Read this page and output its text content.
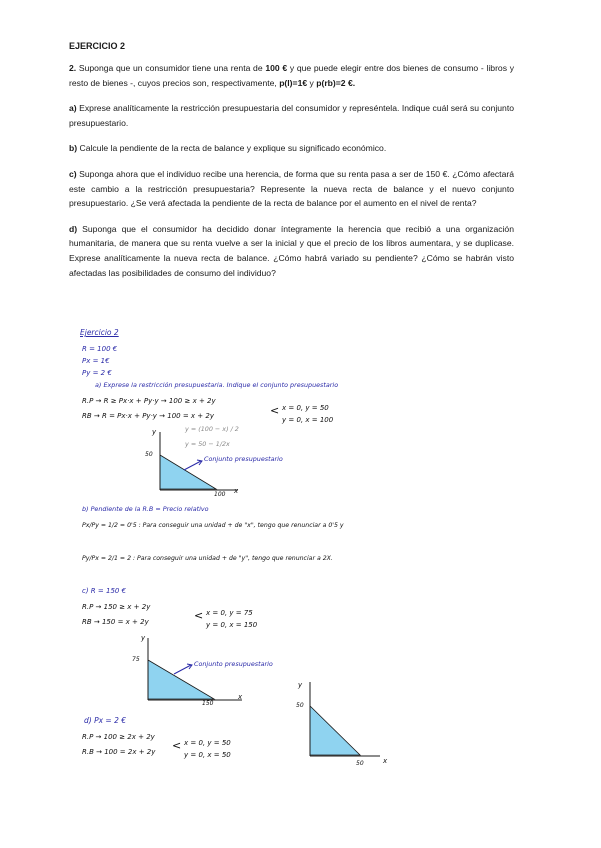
EJERCICIO 2

2. Suponga que un consumidor tiene una renta de 100 € y que puede elegir entre dos bienes de consumo - libros y resto de bienes -, cuyos precios son, respectivamente, p(l)=1€ y p(rb)=2 €.

a) Exprese analíticamente la restricción presupuestaria del consumidor y represéntela. Indique cuál será su conjunto presupuestario.

b) Calcule la pendiente de la recta de balance y explique su significado económico.

c) Suponga ahora que el individuo recibe una herencia, de forma que su renta pasa a ser de 150 €. ¿Cómo afectará este cambio a la restricción presupuestaria? Represente la nueva recta de balance y el nuevo conjunto presupuestario. ¿Se verá afectada la pendiente de la recta de balance por el aumento en el nivel de renta?

d) Suponga que el consumidor ha decidido donar íntegramente la herencia que recibió a una organización humanitaria, de manera que su renta vuelve a ser la inicial y que el precio de los libros aumentara, y se duplicase. Exprese analíticamente la nueva recta de balance. ¿Cómo habrá variado su pendiente? ¿Cómo se habrán visto afectadas las posibilidades de consumo del individuo?

Ejercicio 2
R = 100 €
Px = 1€
Py = 2 €
a) Exprese la restricción presupuestaria. Indique el conjunto presupuestario
R.P → R ≥ Px·x + Py·y → 100 ≥ x + 2y
RB → R = Px·x + Py·y → 100 = x + 2y	< x = 0, y = 50
y = 0, x = 100
y = (100 − x) / 2
y = 50 − 1/2x
y
50
100 x
Conjunto presupuestario
b) Pendiente de la R.B = Precio relativo
Px/Py = 1/2 = 0'5 : Para conseguir una unidad + de "x", tengo que renunciar a 0'5 y
Py/Px = 2/1 = 2 : Para conseguir una unidad + de "y", tengo que renunciar a 2X.
c) R = 150 €
R.P → 150 ≥ x + 2y
RB → 150 = x + 2y	< x = 0, y = 75
y = 0, x = 150
y
75
150
x
Conjunto presupuestario
d) Px = 2 €
R.P → 100 ≥ 2x + 2y
R.B → 100 = 2x + 2y < x = 0, y = 50
y = 0, x = 50
y
50
50	x
